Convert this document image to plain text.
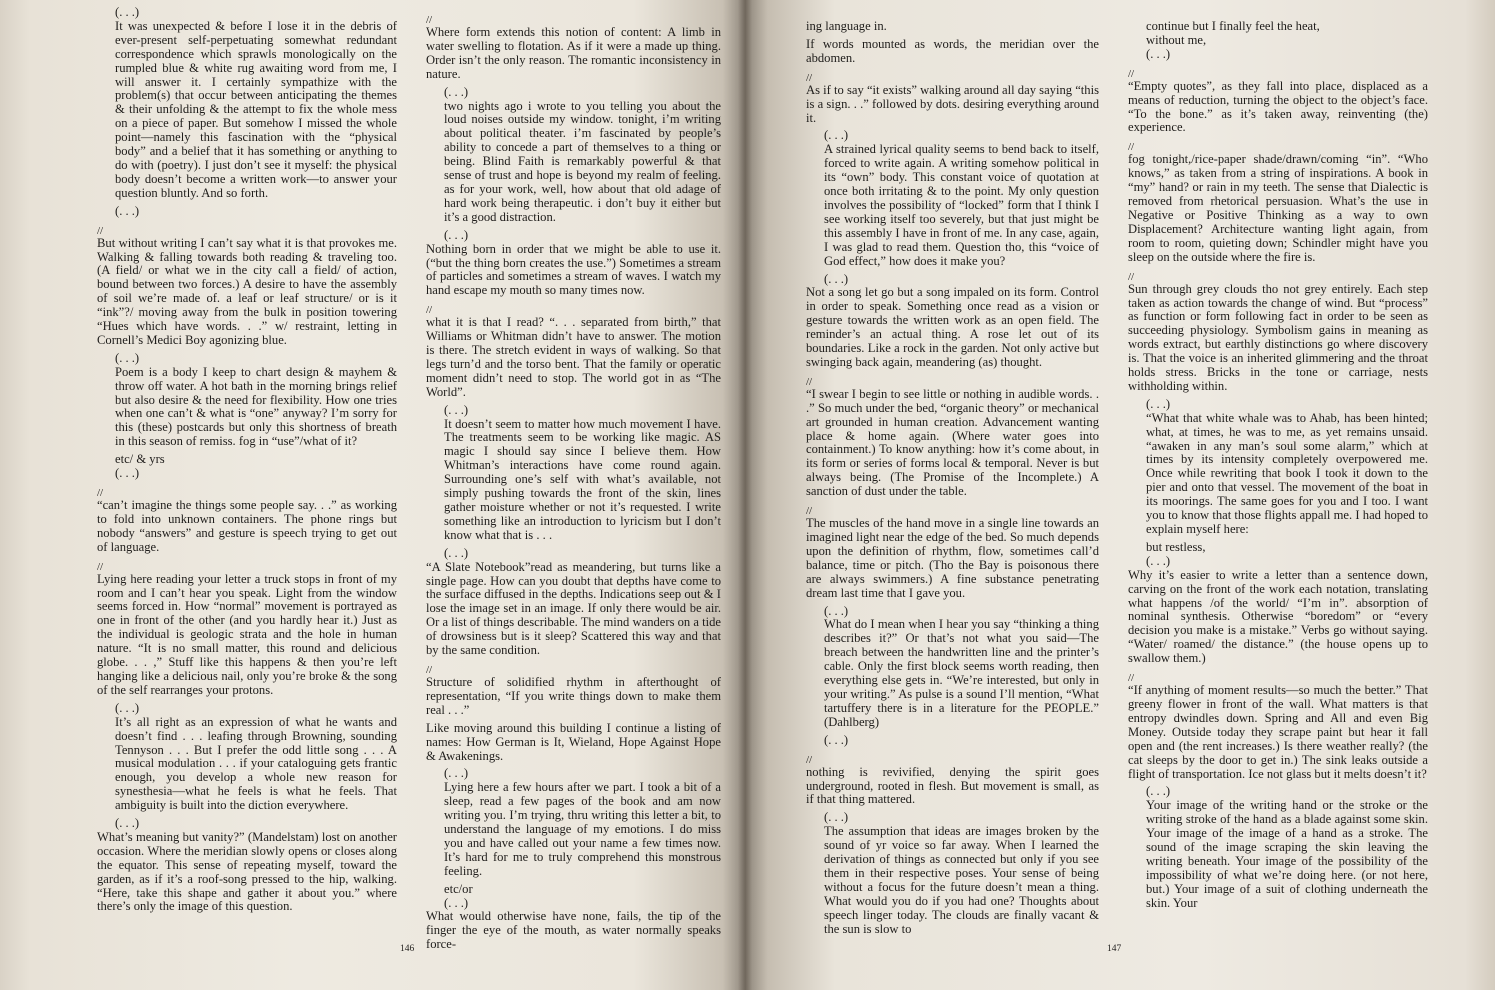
(. . .)

It was unexpected & before I lose it in the debris of ever-present self-perpetuating somewhat redundant correspondence which sprawls monologically on the rumpled blue & white rug awaiting word from me, I will answer it. I certainly sympathize with the problem(s) that occur between anticipating the themes & their unfolding & the attempt to fix the whole mess on a piece of paper. But somehow I missed the whole point—namely this fascination with the “physical body” and a belief that it has something or anything to do with (poetry). I just don’t see it myself: the physical body doesn’t become a written work—to answer your question bluntly. And so forth.

(. . .)

//

But without writing I can’t say what it is that provokes me. Walking & falling towards both reading & traveling too. (A field/ or what we in the city call a field/ of action, bound between two forces.) A desire to have the assembly of soil we’re made of. a leaf or leaf structure/ or is it “ink”?/ moving away from the bulk in position towering “Hues which have words. . .” w/ restraint, letting in Cornell’s Medici Boy agonizing blue.

(. . .)

Poem is a body I keep to chart design & mayhem & throw off water. A hot bath in the morning brings relief but also desire & the need for flexibility. How one tries when one can’t & what is “one” anyway? I’m sorry for this (these) postcards but only this shortness of breath in this season of remiss. fog in “use”/what of it?

etc/ & yrs

(. . .)

//

“can’t imagine the things some people say. . .” as working to fold into unknown containers. The phone rings but nobody “answers” and gesture is speech trying to get out of language.

//

Lying here reading your letter a truck stops in front of my room and I can’t hear you speak. Light from the window seems forced in. How “normal” movement is portrayed as one in front of the other (and you hardly hear it.) Just as the individual is geologic strata and the hole in human nature. “It is no small matter, this round and delicious globe. . . ,” Stuff like this happens & then you’re left hanging like a delicious nail, only you’re broke & the song of the self rearranges your protons.

(. . .)

It’s all right as an expression of what he wants and doesn’t find . . . leafing through Browning, sounding Tennyson . . . But I prefer the odd little song . . . A musical modulation . . . if your cataloguing gets frantic enough, you develop a whole new reason for synesthesia—what he feels is what he feels. That ambiguity is built into the diction everywhere.

(. . .)

What’s meaning but vanity?” (Mandelstam) lost on another occasion. Where the meridian slowly opens or closes along the equator. This sense of repeating myself, toward the garden, as if it’s a roof-song pressed to the hip, walking. “Here, take this shape and gather it about you.” where there’s only the image of this question.

//

Where form extends this notion of content: A limb in water swelling to flotation. As if it were a made up thing. Order isn’t the only reason. The romantic inconsistency in nature.

(. . .)

two nights ago i wrote to you telling you about the loud noises outside my window. tonight, i’m writing about political theater. i’m fascinated by people’s ability to concede a part of themselves to a thing or being. Blind Faith is remarkably powerful & that sense of trust and hope is beyond my realm of feeling. as for your work, well, how about that old adage of hard work being therapeutic. i don’t buy it either but it’s a good distraction.

(. . .)

Nothing born in order that we might be able to use it. (“but the thing born creates the use.”) Sometimes a stream of particles and sometimes a stream of waves. I watch my hand escape my mouth so many times now.

//

what it is that I read? “. . . separated from birth,” that Williams or Whitman didn’t have to answer. The motion is there. The stretch evident in ways of walking. So that legs turn’d and the torso bent. That the family or operatic moment didn’t need to stop. The world got in as “The World”.

(. . .)

It doesn’t seem to matter how much movement I have. The treatments seem to be working like magic. AS magic I should say since I believe them. How Whitman’s interactions have come round again. Surrounding one’s self with what’s available, not simply pushing towards the front of the skin, lines gather moisture whether or not it’s requested. I write something like an introduction to lyricism but I don’t know what that is . . .

(. . .)

“A Slate Notebook”read as meandering, but turns like a single page. How can you doubt that depths have come to the surface diffused in the depths. Indications seep out & I lose the image set in an image. If only there would be air. Or a list of things describable. The mind wanders on a tide of drowsiness but is it sleep? Scattered this way and that by the same condition.

//

Structure of solidified rhythm in afterthought of representation, “If you write things down to make them real . . .”

Like moving around this building I continue a listing of names: How German is It, Wieland, Hope Against Hope & Awakenings.

(. . .)

Lying here a few hours after we part. I took a bit of a sleep, read a few pages of the book and am now writing you. I’m trying, thru writing this letter a bit, to understand the language of my emotions. I do miss you and have called out your name a few times now. It’s hard for me to truly comprehend this monstrous feeling.

etc/or

(. . .)

What would otherwise have none, fails, the tip of the finger the eye of the mouth, as water normally speaks force-

146

ing language in.

If words mounted as words, the meridian over the abdomen.

//

As if to say “it exists” walking around all day saying “this is a sign. . .” followed by dots. desiring everything around it.

(. . .)

A strained lyrical quality seems to bend back to itself, forced to write again. A writing somehow political in its “own” body. This constant voice of quotation at once both irritating & to the point. My only question involves the possibility of “locked” form that I think I see working itself too severely, but that just might be this assembly I have in front of me. In any case, again, I was glad to read them. Question tho, this “voice of God effect,” how does it make you?

(. . .)

Not a song let go but a song impaled on its form. Control in order to speak. Something once read as a vision or gesture towards the written work as an open field. The reminder’s an actual thing. A rose let out of its boundaries. Like a rock in the garden. Not only active but swinging back again, meandering (as) thought.

//

“I swear I begin to see little or nothing in audible words. . .” So much under the bed, “organic theory” or mechanical art grounded in human creation. Advancement wanting place & home again. (Where water goes into containment.) To know anything: how it’s come about, in its form or series of forms local & temporal. Never is but always being. (The Promise of the Incomplete.) A sanction of dust under the table.

//

The muscles of the hand move in a single line towards an imagined light near the edge of the bed. So much depends upon the definition of rhythm, flow, sometimes call’d balance, time or pitch. (Tho the Bay is poisonous there are always swimmers.) A fine substance penetrating dream last time that I gave you.

(. . .)

What do I mean when I hear you say “thinking a thing describes it?” Or that’s not what you said—The breach between the handwritten line and the printer’s cable. Only the first block seems worth reading, then everything else gets in. “We’re interested, but only in your writing.” As pulse is a sound I’ll mention, “What tartuffery there is in a literature for the PEOPLE.” (Dahlberg)

(. . .)

//

nothing is revivified, denying the spirit goes underground, rooted in flesh. But movement is small, as if that thing mattered.

(. . .)

The assumption that ideas are images broken by the sound of yr voice so far away. When I learned the derivation of things as connected but only if you see them in their respective poses. Your sense of being without a focus for the future doesn’t mean a thing. What would you do if you had one? Thoughts about speech linger today. The clouds are finally vacant & the sun is slow to

continue but I finally feel the heat,

without me,

(. . .)

//

“Empty quotes”, as they fall into place, displaced as a means of reduction, turning the object to the object’s face. “To the bone.” as it’s taken away, reinventing (the) experience.

//

fog tonight,/rice-paper shade/drawn/coming “in”. “Who knows,” as taken from a string of inspirations. A book in “my” hand? or rain in my teeth. The sense that Dialectic is removed from rhetorical persuasion. What’s the use in Negative or Positive Thinking as a way to own Displacement? Architecture wanting light again, from room to room, quieting down; Schindler might have you sleep on the outside where the fire is.

//

Sun through grey clouds tho not grey entirely. Each step taken as action towards the change of wind. But “process” as function or form following fact in order to be seen as succeeding physiology. Symbolism gains in meaning as words extract, but earthly distinctions go where discovery is. That the voice is an inherited glimmering and the throat holds stress. Bricks in the tone or carriage, nests withholding within.

(. . .)

“What that white whale was to Ahab, has been hinted; what, at times, he was to me, as yet remains unsaid. “awaken in any man’s soul some alarm,” which at times by its intensity completely overpowered me. Once while rewriting that book I took it down to the pier and onto that vessel. The movement of the boat in its moorings. The same goes for you and I too. I want you to know that those flights appall me. I had hoped to explain myself here:

but restless,

(. . .)

Why it’s easier to write a letter than a sentence down, carving on the front of the work each notation, translating what happens /of the world/ “I’m in”. absorption of nominal synthesis. Otherwise “boredom” or “every decision you make is a mistake.” Verbs go without saying. “Water/ roamed/ the distance.” (the house opens up to swallow them.)

//

“If anything of moment results—so much the better.” That greeny flower in front of the wall. What matters is that entropy dwindles down. Spring and All and even Big Money. Outside today they scrape paint but hear it fall open and (the rent increases.) Is there weather really? (the cat sleeps by the door to get in.) The sink leaks outside a flight of transportation. Ice not glass but it melts doesn’t it?

(. . .)

Your image of the writing hand or the stroke or the writing stroke of the hand as a blade against some skin. Your image of the image of a hand as a stroke. The sound of the image scraping the skin leaving the writing beneath. Your image of the possibility of the impossibility of what we’re doing here. (or not here, but.) Your image of a suit of clothing underneath the skin. Your

147
